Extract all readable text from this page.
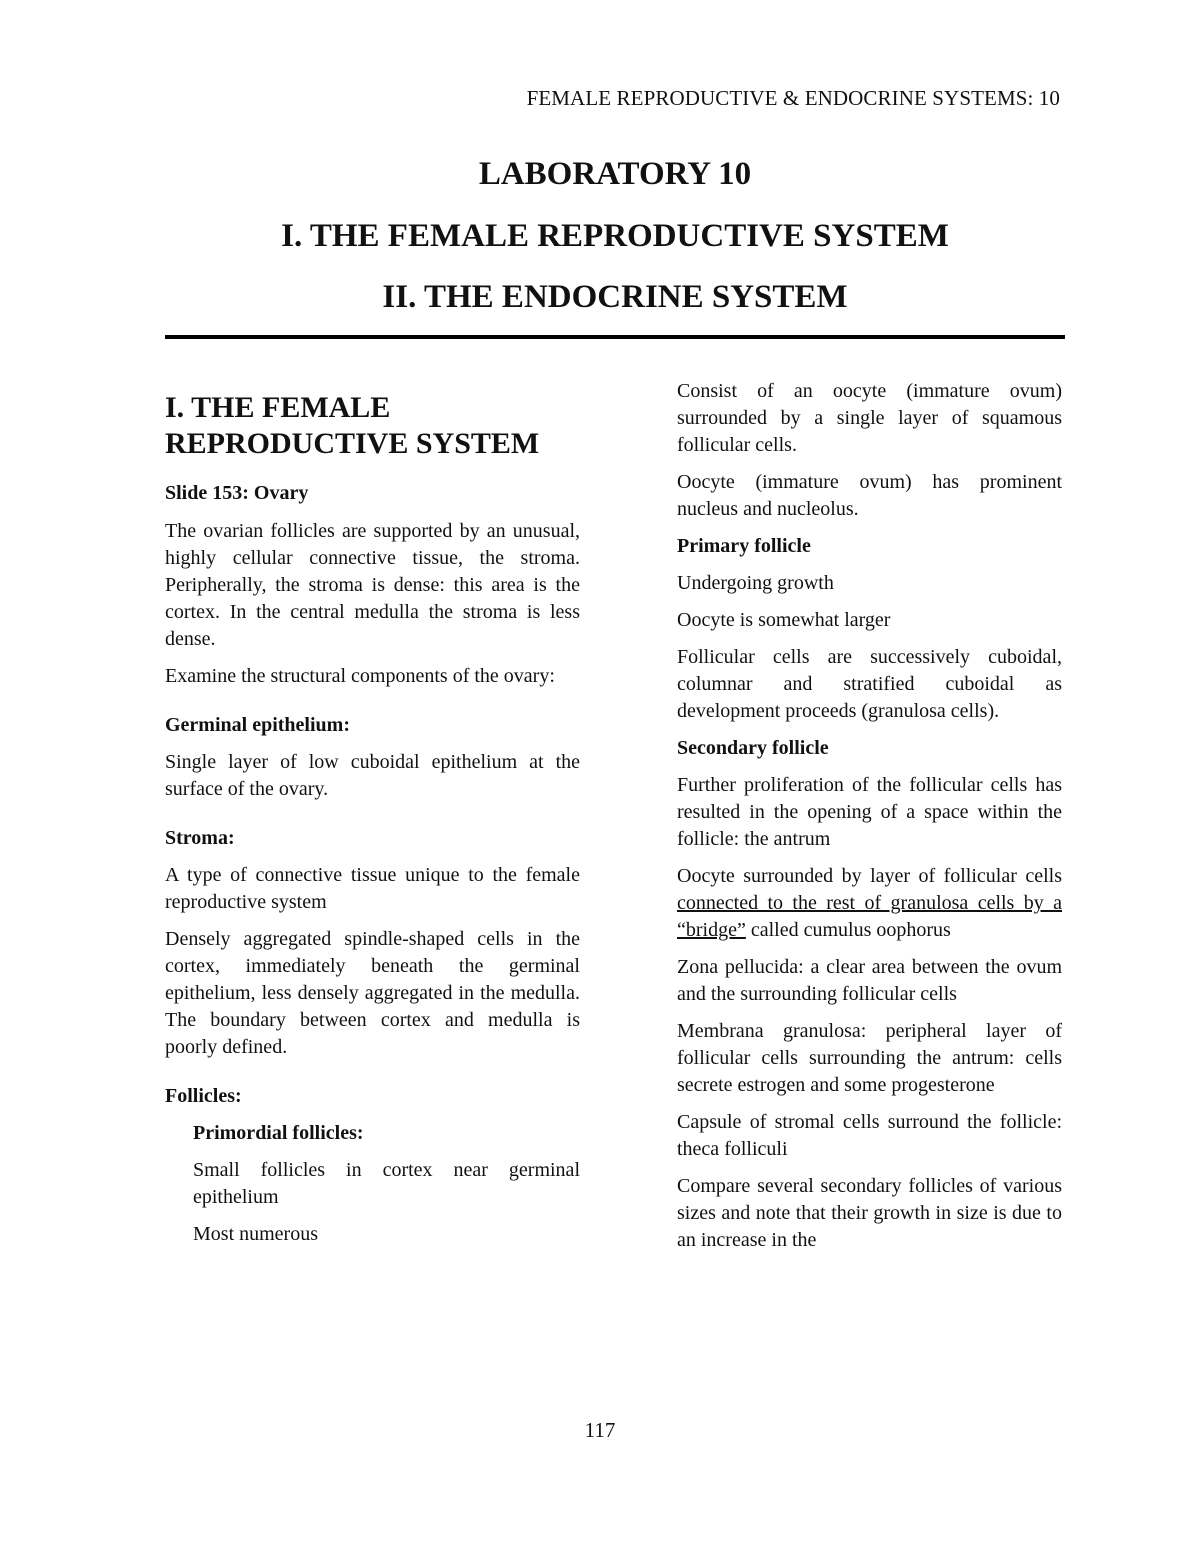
FEMALE REPRODUCTIVE & ENDOCRINE SYSTEMS: 10
LABORATORY 10
I. THE FEMALE REPRODUCTIVE SYSTEM
II. THE ENDOCRINE SYSTEM
I. THE FEMALE REPRODUCTIVE SYSTEM

Slide 153: Ovary

The ovarian follicles are supported by an unusual, highly cellular connective tissue, the stroma. Peripherally, the stroma is dense: this area is the cortex. In the central medulla the stroma is less dense.

Examine the structural components of the ovary:

Germinal epithelium:

Single layer of low cuboidal epithelium at the surface of the ovary.

Stroma:

A type of connective tissue unique to the female reproductive system

Densely aggregated spindle-shaped cells in the cortex, immediately beneath the germinal epithelium, less densely aggregated in the medulla. The boundary between cortex and medulla is poorly defined.

Follicles:

Primordial follicles:

Small follicles in cortex near germinal epithelium

Most numerous

Consist of an oocyte (immature ovum) surrounded by a single layer of squamous follicular cells.

Oocyte (immature ovum) has prominent nucleus and nucleolus.

Primary follicle

Undergoing growth

Oocyte is somewhat larger

Follicular cells are successively cuboidal, columnar and stratified cuboidal as development proceeds (granulosa cells).

Secondary follicle

Further proliferation of the follicular cells has resulted in the opening of a space within the follicle: the antrum

Oocyte surrounded by layer of follicular cells connected to the rest of granulosa cells by a “bridge” called cumulus oophorus

Zona pellucida: a clear area between the ovum and the surrounding follicular cells

Membrana granulosa: peripheral layer of follicular cells surrounding the antrum: cells secrete estrogen and some progesterone

Capsule of stromal cells surround the follicle: theca folliculi

Compare several secondary follicles of various sizes and note that their growth in size is due to an increase in the

117
